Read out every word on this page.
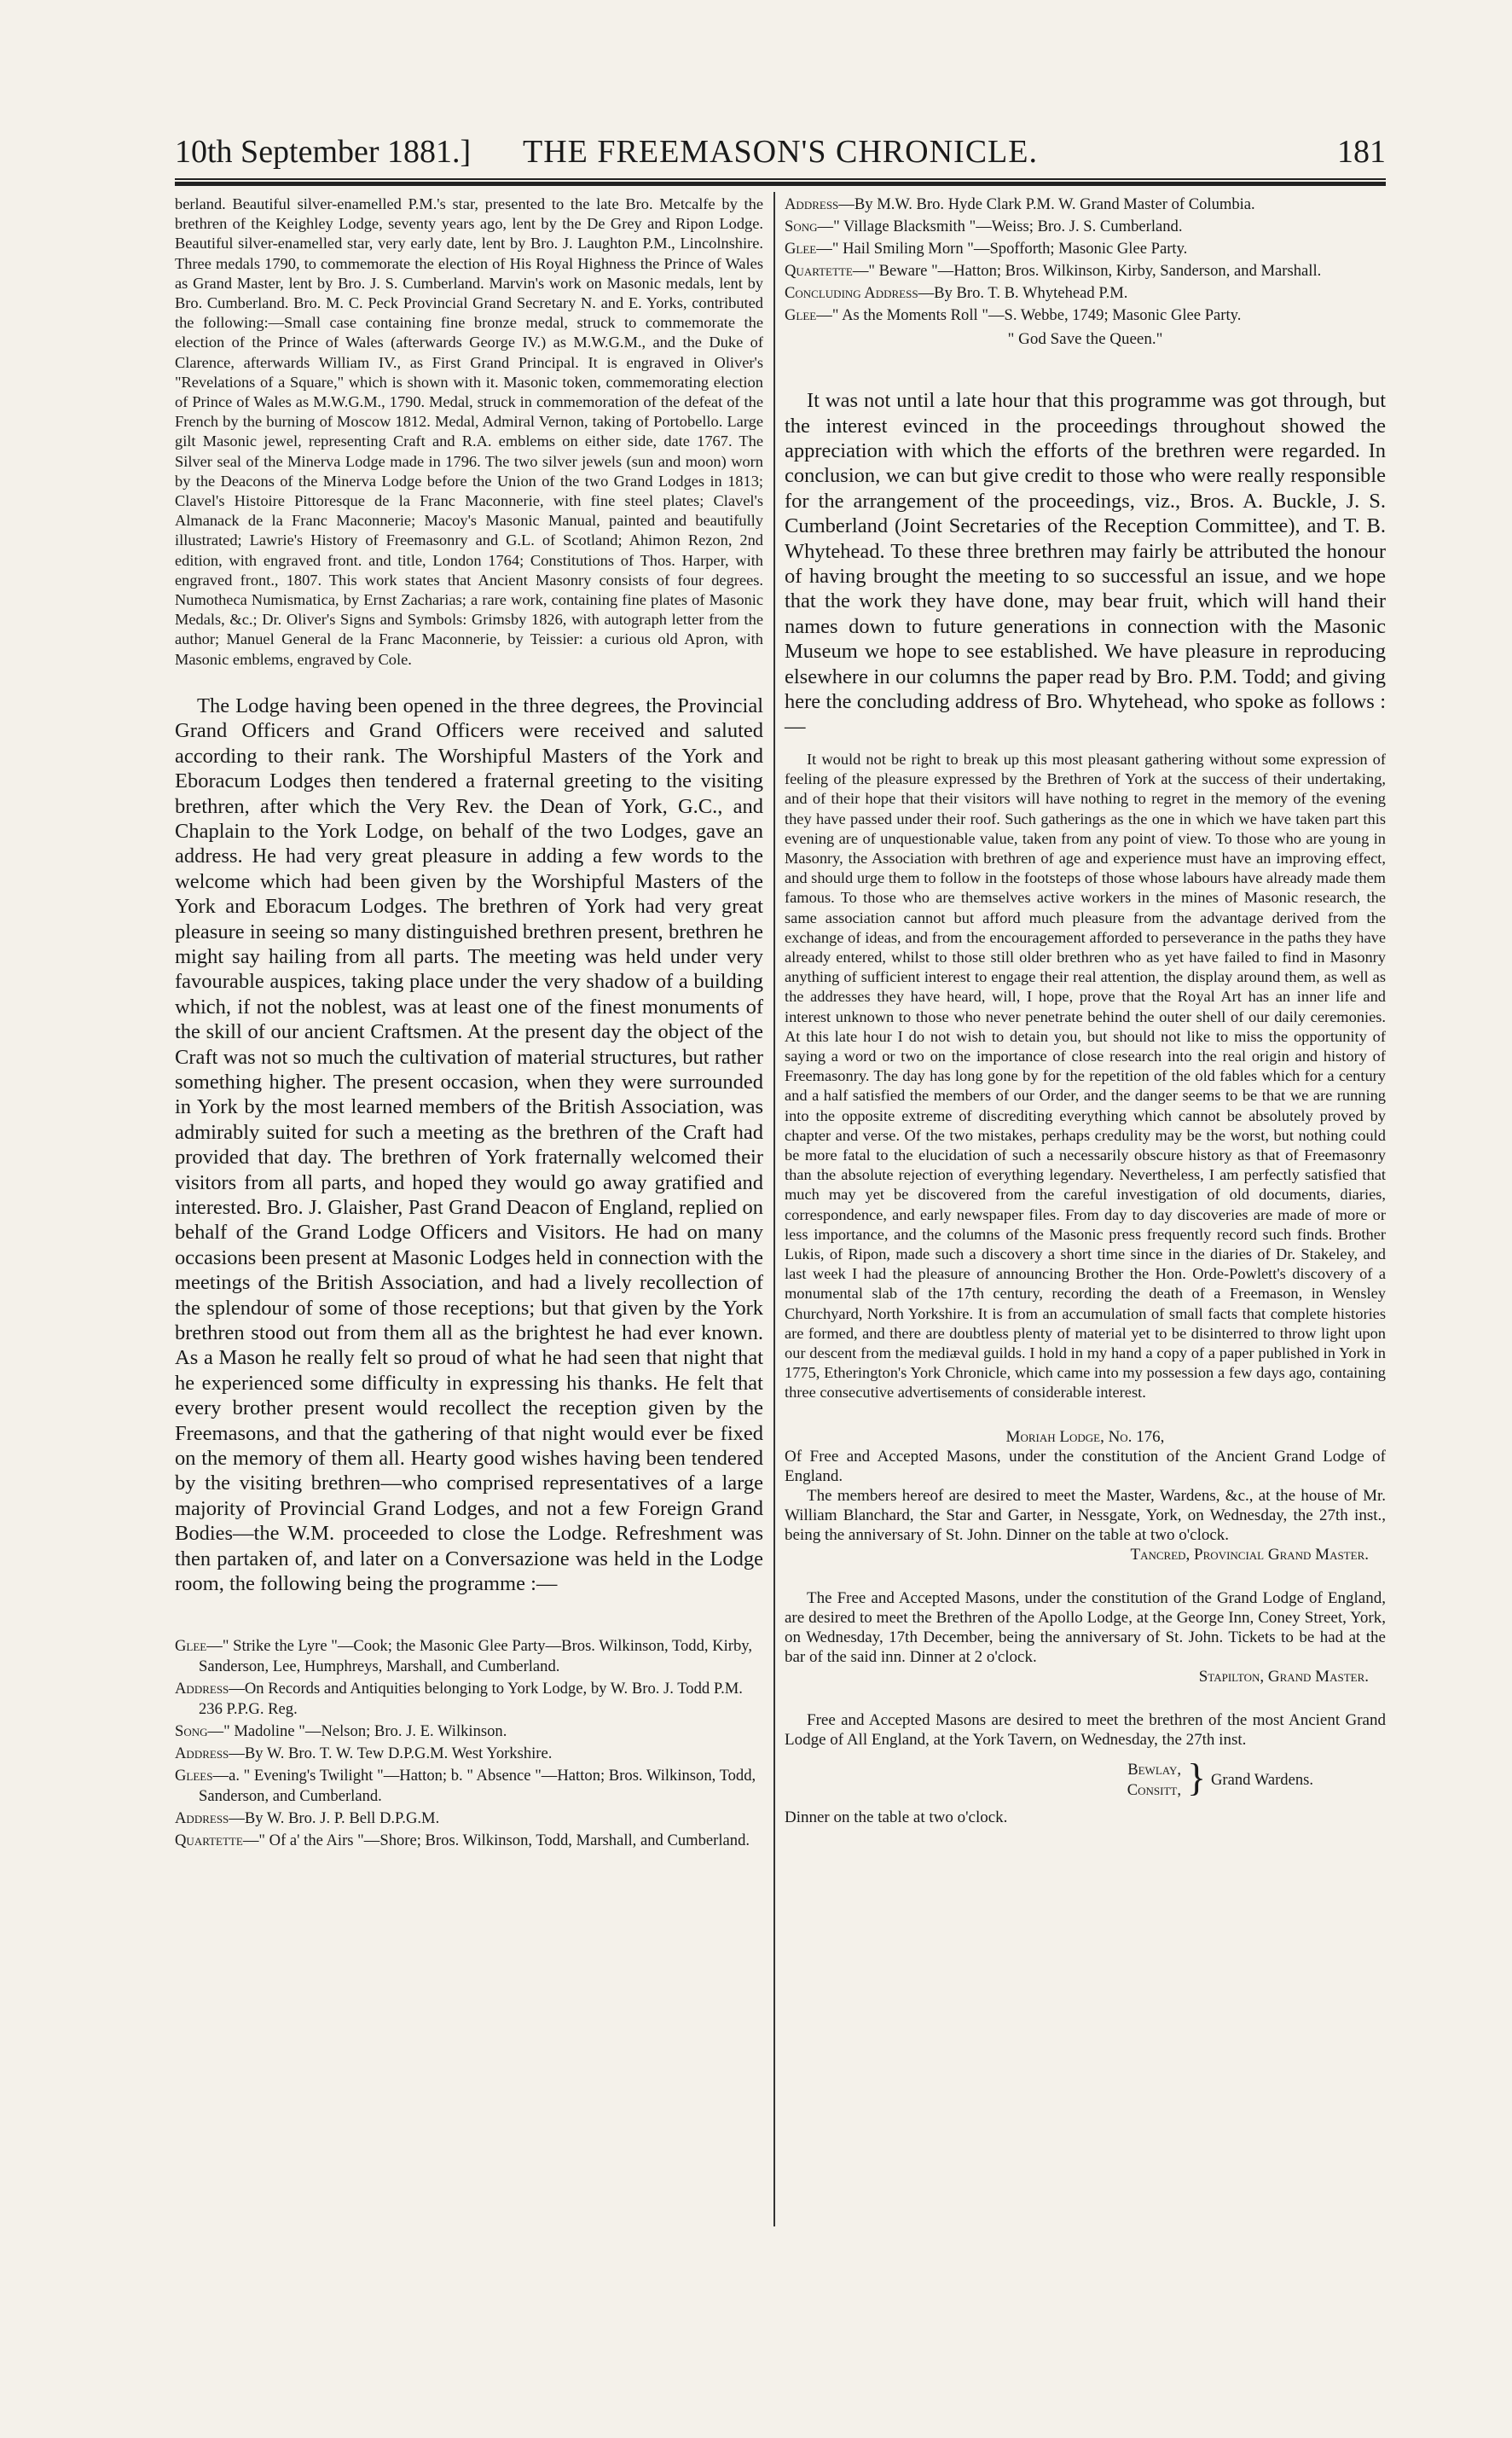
10th September 1881.]	THE FREEMASON'S CHRONICLE.	181

berland. Beautiful silver-enamelled P.M.'s star, presented to the late Bro. Metcalfe by the brethren of the Keighley Lodge, seventy years ago, lent by the De Grey and Ripon Lodge. Beautiful silver-enamelled star, very early date, lent by Bro. J. Laughton P.M., Lincolnshire. Three medals 1790, to commemorate the election of His Royal Highness the Prince of Wales as Grand Master, lent by Bro. J. S. Cumberland. Marvin's work on Masonic medals, lent by Bro. Cumberland. Bro. M. C. Peck Provincial Grand Secretary N. and E. Yorks, contributed the following:—Small case containing fine bronze medal, struck to commemorate the election of the Prince of Wales (afterwards George IV.) as M.W.G.M., and the Duke of Clarence, afterwards William IV., as First Grand Principal. It is engraved in Oliver's "Revelations of a Square," which is shown with it. Masonic token, commemorating election of Prince of Wales as M.W.G.M., 1790. Medal, struck in commemoration of the defeat of the French by the burning of Moscow 1812. Medal, Admiral Vernon, taking of Portobello. Large gilt Masonic jewel, representing Craft and R.A. emblems on either side, date 1767. The Silver seal of the Minerva Lodge made in 1796. The two silver jewels (sun and moon) worn by the Deacons of the Minerva Lodge before the Union of the two Grand Lodges in 1813; Clavel's Histoire Pittoresque de la Franc Maconnerie, with fine steel plates; Clavel's Almanack de la Franc Maconnerie; Macoy's Masonic Manual, painted and beautifully illustrated; Lawrie's History of Freemasonry and G.L. of Scotland; Ahimon Rezon, 2nd edition, with engraved front. and title, London 1764; Constitutions of Thos. Harper, with engraved front., 1807. This work states that Ancient Masonry consists of four degrees. Numotheca Numismatica, by Ernst Zacharias; a rare work, containing fine plates of Masonic Medals, &c.; Dr. Oliver's Signs and Symbols: Grimsby 1826, with autograph letter from the author; Manuel General de la Franc Maconnerie, by Teissier: a curious old Apron, with Masonic emblems, engraved by Cole.

The Lodge having been opened in the three degrees, the Provincial Grand Officers and Grand Officers were received and saluted according to their rank. The Worshipful Masters of the York and Eboracum Lodges then tendered a fraternal greeting to the visiting brethren, after which the Very Rev. the Dean of York, G.C., and Chaplain to the York Lodge, on behalf of the two Lodges, gave an address. He had very great pleasure in adding a few words to the welcome which had been given by the Worshipful Masters of the York and Eboracum Lodges. The brethren of York had very great pleasure in seeing so many distinguished brethren present, brethren he might say hailing from all parts. The meeting was held under very favourable auspices, taking place under the very shadow of a building which, if not the noblest, was at least one of the finest monuments of the skill of our ancient Craftsmen. At the present day the object of the Craft was not so much the cultivation of material structures, but rather something higher. The present occasion, when they were surrounded in York by the most learned members of the British Association, was admirably suited for such a meeting as the brethren of the Craft had provided that day. The brethren of York fraternally welcomed their visitors from all parts, and hoped they would go away gratified and interested. Bro. J. Glaisher, Past Grand Deacon of England, replied on behalf of the Grand Lodge Officers and Visitors. He had on many occasions been present at Masonic Lodges held in connection with the meetings of the British Association, and had a lively recollection of the splendour of some of those receptions; but that given by the York brethren stood out from them all as the brightest he had ever known. As a Mason he really felt so proud of what he had seen that night that he experienced some difficulty in expressing his thanks. He felt that every brother present would recollect the reception given by the Freemasons, and that the gathering of that night would ever be fixed on the memory of them all. Hearty good wishes having been tendered by the visiting brethren—who comprised representatives of a large majority of Provincial Grand Lodges, and not a few Foreign Grand Bodies—the W.M. proceeded to close the Lodge. Refreshment was then partaken of, and later on a Conversazione was held in the Lodge room, the following being the programme :—

Glee—" Strike the Lyre "—Cook; the Masonic Glee Party—Bros. Wilkinson, Todd, Kirby, Sanderson, Lee, Humphreys, Marshall, and Cumberland.

Address—On Records and Antiquities belonging to York Lodge, by W. Bro. J. Todd P.M. 236 P.P.G. Reg.

Song—" Madoline "—Nelson; Bro. J. E. Wilkinson.

Address—By W. Bro. T. W. Tew D.P.G.M. West Yorkshire.

Glees—a. " Evening's Twilight "—Hatton; b. " Absence "—Hatton; Bros. Wilkinson, Todd, Sanderson, and Cumberland.

Address—By W. Bro. J. P. Bell D.P.G.M.

Quartette—" Of a' the Airs "—Shore; Bros. Wilkinson, Todd, Marshall, and Cumberland.

Address—By M.W. Bro. Hyde Clark P.M. W. Grand Master of Columbia.

Song—" Village Blacksmith "—Weiss; Bro. J. S. Cumberland.

Glee—" Hail Smiling Morn "—Spofforth; Masonic Glee Party.

Quartette—" Beware "—Hatton; Bros. Wilkinson, Kirby, Sanderson, and Marshall.

Concluding Address—By Bro. T. B. Whytehead P.M.

Glee—" As the Moments Roll "—S. Webbe, 1749; Masonic Glee Party.

" God Save the Queen."

It was not until a late hour that this programme was got through, but the interest evinced in the proceedings throughout showed the appreciation with which the efforts of the brethren were regarded. In conclusion, we can but give credit to those who were really responsible for the arrangement of the proceedings, viz., Bros. A. Buckle, J. S. Cumberland (Joint Secretaries of the Reception Committee), and T. B. Whytehead. To these three brethren may fairly be attributed the honour of having brought the meeting to so successful an issue, and we hope that the work they have done, may bear fruit, which will hand their names down to future generations in connection with the Masonic Museum we hope to see established. We have pleasure in reproducing elsewhere in our columns the paper read by Bro. P.M. Todd; and giving here the concluding address of Bro. Whytehead, who spoke as follows :—

It would not be right to break up this most pleasant gathering without some expression of feeling of the pleasure expressed by the Brethren of York at the success of their undertaking, and of their hope that their visitors will have nothing to regret in the memory of the evening they have passed under their roof. Such gatherings as the one in which we have taken part this evening are of unquestionable value, taken from any point of view. To those who are young in Masonry, the Association with brethren of age and experience must have an improving effect, and should urge them to follow in the footsteps of those whose labours have already made them famous. To those who are themselves active workers in the mines of Masonic research, the same association cannot but afford much pleasure from the advantage derived from the exchange of ideas, and from the encouragement afforded to perseverance in the paths they have already entered, whilst to those still older brethren who as yet have failed to find in Masonry anything of sufficient interest to engage their real attention, the display around them, as well as the addresses they have heard, will, I hope, prove that the Royal Art has an inner life and interest unknown to those who never penetrate behind the outer shell of our daily ceremonies. At this late hour I do not wish to detain you, but should not like to miss the opportunity of saying a word or two on the importance of close research into the real origin and history of Freemasonry. The day has long gone by for the repetition of the old fables which for a century and a half satisfied the members of our Order, and the danger seems to be that we are running into the opposite extreme of discrediting everything which cannot be absolutely proved by chapter and verse. Of the two mistakes, perhaps credulity may be the worst, but nothing could be more fatal to the elucidation of such a necessarily obscure history as that of Freemasonry than the absolute rejection of everything legendary. Nevertheless, I am perfectly satisfied that much may yet be discovered from the careful investigation of old documents, diaries, correspondence, and early newspaper files. From day to day discoveries are made of more or less importance, and the columns of the Masonic press frequently record such finds. Brother Lukis, of Ripon, made such a discovery a short time since in the diaries of Dr. Stakeley, and last week I had the pleasure of announcing Brother the Hon. Orde-Powlett's discovery of a monumental slab of the 17th century, recording the death of a Freemason, in Wensley Churchyard, North Yorkshire. It is from an accumulation of small facts that complete histories are formed, and there are doubtless plenty of material yet to be disinterred to throw light upon our descent from the mediæval guilds. I hold in my hand a copy of a paper published in York in 1775, Etherington's York Chronicle, which came into my possession a few days ago, containing three consecutive advertisements of considerable interest.

Moriah Lodge, No. 176,

Of Free and Accepted Masons, under the constitution of the Ancient Grand Lodge of England.

The members hereof are desired to meet the Master, Wardens, &c., at the house of Mr. William Blanchard, the Star and Garter, in Nessgate, York, on Wednesday, the 27th inst., being the anniversary of St. John. Dinner on the table at two o'clock.

Tancred, Provincial Grand Master.

The Free and Accepted Masons, under the constitution of the Grand Lodge of England, are desired to meet the Brethren of the Apollo Lodge, at the George Inn, Coney Street, York, on Wednesday, 17th December, being the anniversary of St. John. Tickets to be had at the bar of the said inn. Dinner at 2 o'clock.

Stapilton, Grand Master.

Free and Accepted Masons are desired to meet the brethren of the most Ancient Grand Lodge of All England, at the York Tavern, on Wednesday, the 27th inst.

Bewlay,
Consitt, } Grand Wardens.

Dinner on the table at two o'clock.
